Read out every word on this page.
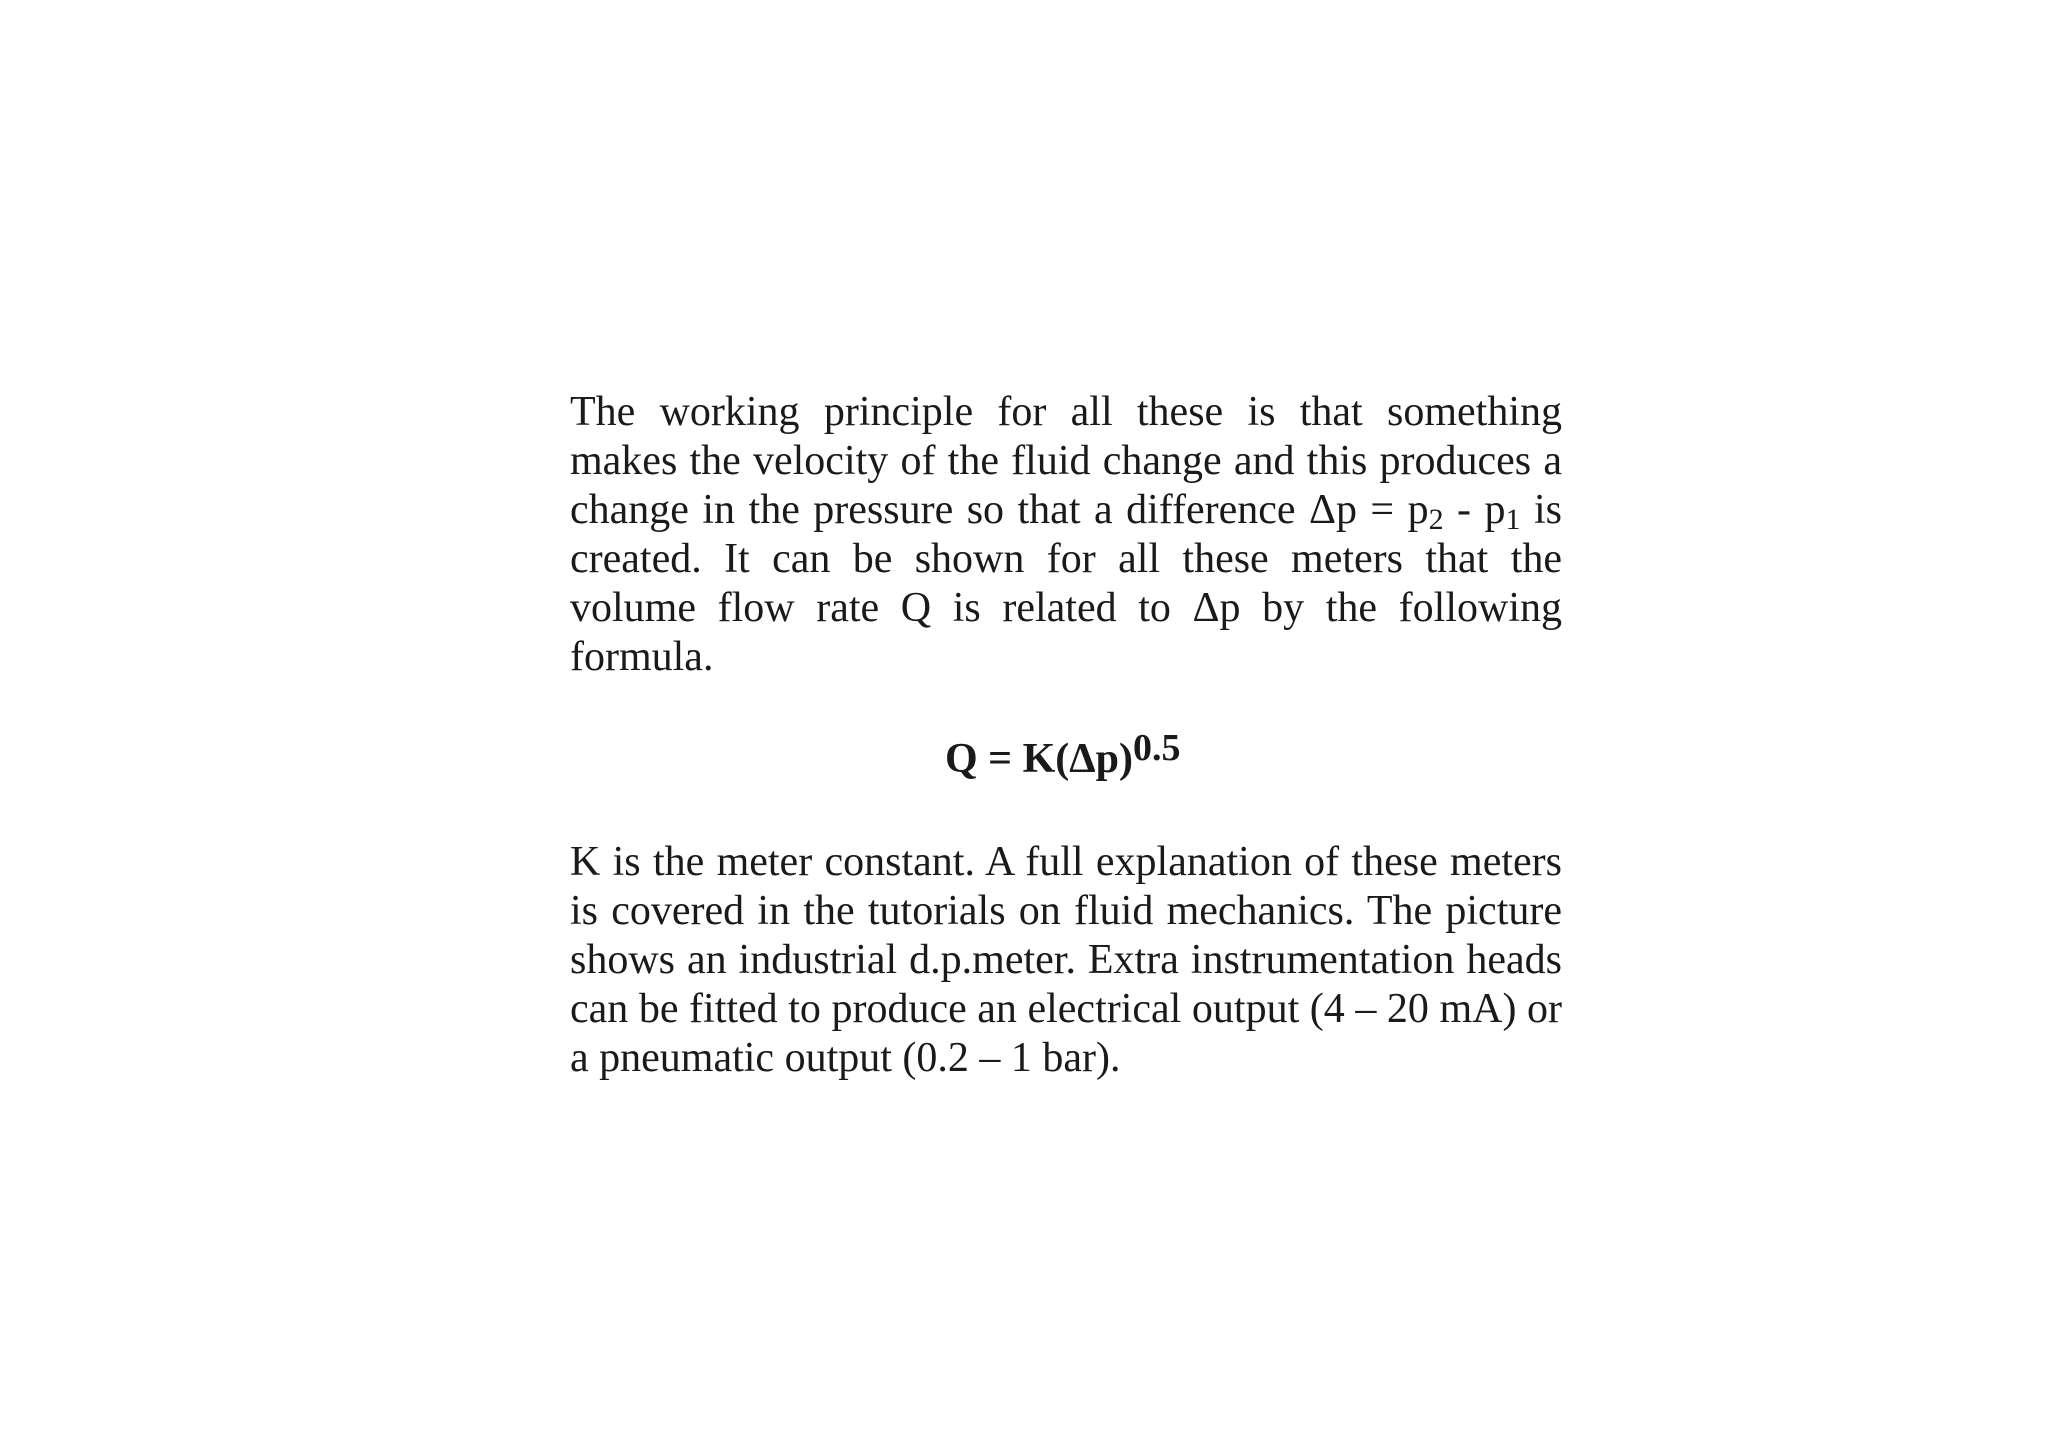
The working principle for all these is that something makes the velocity of the fluid change and this produces a change in the pressure so that a difference $\Delta p = p_2 - p_1$ is created. It can be shown for all these meters that the volume flow rate Q is related to Δp by the following formula.

Q = K(Δp)0.5

K is the meter constant. A full explanation of these meters is covered in the tutorials on fluid mechanics. The picture shows an industrial d.p.meter. Extra instrumentation heads can be fitted to produce an electrical output (4 – 20 mA) or a pneumatic output (0.2 – 1 bar).
